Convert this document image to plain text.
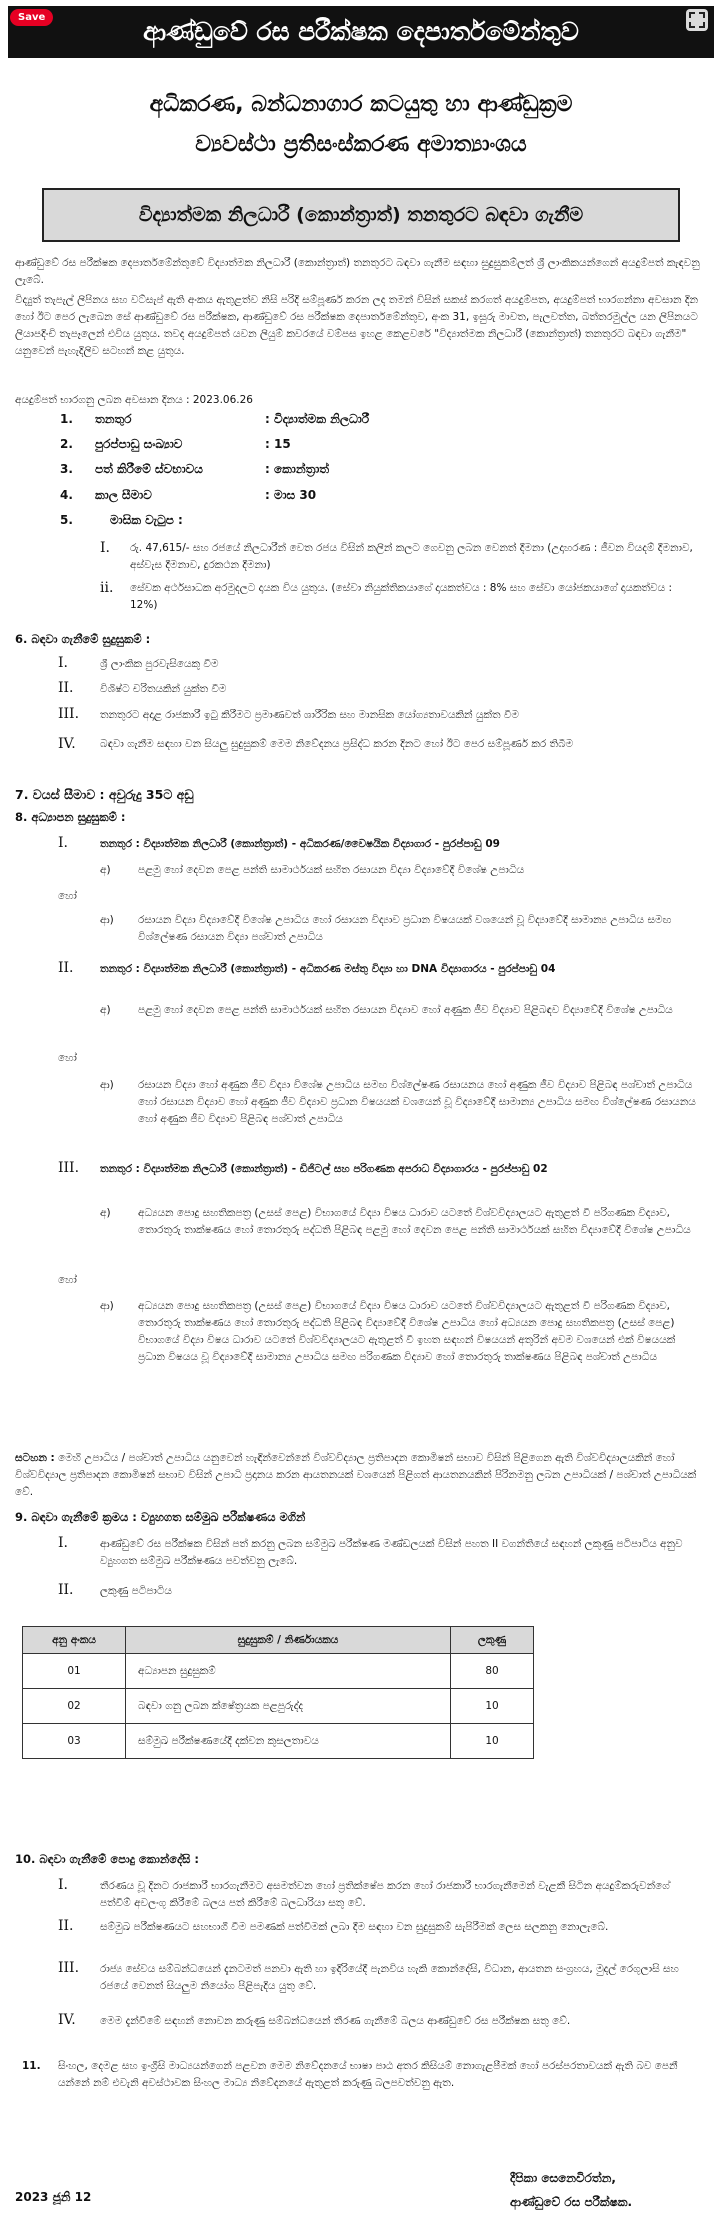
ආණ්ඩුවේ රස පරීක්ෂක දෙපාර්තමේන්තුව
Save
අධිකරණ, බන්ධනාගාර කටයුතු හා ආණ්ඩුක්‍රම
ව්‍යවස්ථා ප්‍රතිසංස්කරණ අමාත්‍යාංශය
විද්‍යාත්මක නිලධාරී (කොන්ත්‍රාත්) තනතුරට බඳවා ගැනීම
ආණ්ඩුවේ රස පරීක්ෂක දෙපාර්තමේන්තුවේ විද්‍යාත්මක නිලධාරී (කොන්ත්‍රාත්) තනතුරට බඳවා ගැනීම සඳහා සුදුසුකම්ලත් ශ්‍රී ලාංකිකයන්ගෙන් අයදුම්පත් කැඳවනු ලැබේ.
විද්‍යුත් තැපැල් ලිපිනය සහ වට්සැප් ඇති අංකය ඇතුළත්ව නිසි පරිදි සම්පූර්ණ කරන ලද තමන් විසින් සකස් කරගත් අයදුම්පත, අයදුම්පත් භාරගන්නා අවසාන දින හෝ ඊට පෙර ලැබෙන සේ ආණ්ඩුවේ රස පරීක්ෂක, ආණ්ඩුවේ රස පරීක්ෂක දෙපාර්තමේන්තුව, අංක 31, ඉසුරු මාවත, පැලවත්ත, බත්තරමුල්ල යන ලිපිනයට ලියාපදිංචි තැපෑලෙන් එවිය යුතුය. තවද අයදුම්පත් යවන ලියුම් කවරයේ වම්පස ඉහළ කෙළවරේ "විද්‍යාත්මක නිලධාරී (කොන්ත්‍රාත්) තනතුරට බඳවා ගැනීම" යනුවෙන් පැහැදිලිව සටහන් කළ යුතුය.
අයදුම්පත් භාරගනු ලබන අවසාන දිනය : 2023.06.26
1. තනතුර	: විද්‍යාත්මක නිලධාරී
2. පුරප්පාඩු සංඛ්‍යාව	: 15
3. පත් කිරීමේ ස්වභාවය	: කොන්ත්‍රාත්
4. කාල සීමාව	: මාස 30
5.	මාසික වැටුප :
I. රු. 47,615/- සහ රජයේ නිලධාරීන් වෙත රජය විසින් කලින් කලට ගෙවනු ලබන වෙනත් දීමනා (උදාහරණ : ජීවන වියදම් දීමනාව, අස්වැස දීමනාව, දුරකථන දීමනා)
ii. සේවක අර්ථසාධක අරමුදලට දායක විය යුතුය. (සේවා නියුක්තිකයාගේ දායකත්වය : 8% සහ සේවා යෝජකයාගේ දායකත්වය : 12%)
6. බඳවා ගැනීමේ සුදුසුකම් :
I.	ශ්‍රී ලාංකික පුරවැසියෙකු වීම
II.	විශිෂ්ට චරිතයකින් යුක්ත වීම
III. තනතුරට අදාළ රාජකාරී ඉටු කිරීමට ප්‍රමාණවත් ශාරීරික සහ මානසික යෝග්‍යතාවයකින් යුක්ත වීම
IV. බඳවා ගැනීම සඳහා වන සියලු සුදුසුකම් මෙම නිවේදනය ප්‍රසිද්ධ කරන දිනට හෝ ඊට පෙර සම්පූර්ණ කර තිබීම
7. වයස් සීමාව : අවුරුදු 35ට අඩු
8. අධ්‍යාපන සුදුසුකම් :
I.	තනතුර : විද්‍යාත්මක නිලධාරී (කොන්ත්‍රාත්) - අධිකරණ/වෛෂයික විද්‍යාගාර - පුරප්පාඩු 09
අ)	පළමු හෝ දෙවන පෙළ පන්ති සාමාර්ථයක් සහිත රසායන විද්‍යා විද්‍යාවේදී විශේෂ උපාධිය
හෝ
ආ) රසායන විද්‍යා විද්‍යාවේදී විශේෂ උපාධිය හෝ රසායන විද්‍යාව ප්‍රධාන විෂයයක් වශයෙන් වූ විද්‍යාවේදී සාමාන්‍ය උපාධිය සමඟ විශ්ලේෂණ රසායන විද්‍යා පශ්චාත් උපාධිය
II.	තනතුර : විද්‍යාත්මක නිලධාරී (කොන්ත්‍රාත්) - අධිකරණ මස්තු විද්‍යා හා DNA විද්‍යාගාරය - පුරප්පාඩු 04
අ)	පළමු හෝ දෙවන පෙළ පන්ති සාමාර්ථයක් සහිත රසායන විද්‍යාව හෝ අණුක ජීව විද්‍යාව පිළිබඳව විද්‍යාවේදී විශේෂ උපාධිය
හෝ
ආ) රසායන විද්‍යා හෝ අණුක ජීව විද්‍යා විශේෂ උපාධිය සමඟ විශ්ලේෂණ රසායනය හෝ අණුක ජීව විද්‍යාව පිළිබඳ පශ්චාත් උපාධිය හෝ රසායන විද්‍යාව හෝ අණුක ජීව විද්‍යාව ප්‍රධාන විෂයයක් වශයෙන් වූ විද්‍යාවේදී සාමාන්‍ය උපාධිය සමඟ විශ්ලේෂණ රසායනය හෝ අණුක ජීව විද්‍යාව පිළිබඳ පශ්චාත් උපාධිය
III. තනතුර : විද්‍යාත්මක නිලධාරී (කොන්ත්‍රාත්) - ඩිජිටල් සහ පරිගණක අපරාධ විද්‍යාගාරය - පුරප්පාඩු 02
අ)	අධ්‍යයන පොදු සහතිකපත්‍ර (උසස් පෙළ) විභාගයේ විද්‍යා විෂය ධාරාව යටතේ විශ්වවිද්‍යාලයට ඇතුළත් වී පරිගණක විද්‍යාව, තොරතුරු තාක්ෂණය හෝ තොරතුරු පද්ධති පිළිබඳ පළමු හෝ දෙවන පෙළ පන්ති සාමාර්ථයක් සහිත විද්‍යාවේදී විශේෂ උපාධිය
හෝ
ආ) අධ්‍යයන පොදු සහතිකපත්‍ර (උසස් පෙළ) විභාගයේ විද්‍යා විෂය ධාරාව යටතේ විශ්වවිද්‍යාලයට ඇතුළත් වී පරිගණක විද්‍යාව, තොරතුරු තාක්ෂණය හෝ තොරතුරු පද්ධති පිළිබඳ විද්‍යාවේදී විශේෂ උපාධිය හෝ අධ්‍යයන පොදු සහතිකපත්‍ර (උසස් පෙළ) විභාගයේ විද්‍යා විෂය ධාරාව යටතේ විශ්වවිද්‍යාලයට ඇතුළත් වී ඉහත සඳහන් විෂයයන් අතුරින් අවම වශයෙන් එක් විෂයයක් ප්‍රධාන විෂයය වූ විද්‍යාවේදී සාමාන්‍ය උපාධිය සමඟ පරිගණක විද්‍යාව හෝ තොරතුරු තාක්ෂණය පිළිබඳ පශ්චාත් උපාධිය
සටහන : මෙහි උපාධිය / පශ්චාත් උපාධිය යනුවෙන් හැඳින්වෙන්නේ විශ්වවිද්‍යාල ප්‍රතිපාදන කොමිෂන් සභාව විසින් පිළිගෙන ඇති විශ්වවිද්‍යාලයකින් හෝ විශ්වවිද්‍යාල ප්‍රතිපාදන කොමිෂන් සභාව විසින් උපාධි ප්‍රදානය කරන ආයතනයක් වශයෙන් පිළිගත් ආයතනයකින් පිරිනමනු ලබන උපාධියක් / පශ්චාත් උපාධියක් වේ.
9. බඳවා ගැනීමේ ක්‍රමය : ව්‍යුහගත සම්මුඛ පරීක්ෂණය මගින්
I.	ආණ්ඩුවේ රස පරීක්ෂක විසින් පත් කරනු ලබන සම්මුඛ පරීක්ෂණ මණ්ඩලයක් විසින් පහත II වගන්තියේ සඳහන් ලකුණු පටිපාටිය අනුව ව්‍යුහගත සම්මුඛ පරීක්ෂණය පවත්වනු ලැබේ.
II.	ලකුණු පටිපාටිය
අනු අංකය	සුදුසුකම් / නිර්ණායකය	ලකුණු
01	අධ්‍යාපන සුදුසුකම්	80
02	බඳවා ගනු ලබන ක්ෂේත්‍රයක පළපුරුද්ද	10
03	සම්මුඛ පරීක්ෂණයේදී දක්වන කුසලතාවය	10
10. බඳවා ගැනීමේ පොදු කොන්දේසි :
I.	තීරණය වූ දිනට රාජකාරී භාරගැනීමට අසමත්වන හෝ ප්‍රතික්ෂේප කරන හෝ රාජකාරී භාරගැනීමෙන් වැළකී සිටින අයදුම්කරුවන්ගේ පත්වීම් අවලංගු කිරීමේ බලය පත් කිරීමේ බලධාරියා සතු වේ.
II.	සම්මුඛ පරීක්ෂණයට සහභාගී වීම පමණක් පත්වීමක් ලබා දීම සඳහා වන සුදුසුකම් සැපිරීමක් ලෙස සලකනු නොලැබේ.
III. රාජ්‍ය සේවය සම්බන්ධයෙන් දැනටමත් පනවා ඇති හා ඉදිරියේදී පැනවිය හැකි කොන්දේසි, විධාන, ආයතන සංග්‍රහය, මුදල් රෙගුලාසි සහ රජයේ වෙනත් සියලුම නියෝග පිළිපැදිය යුතු වේ.
IV. මෙම දැන්වීමේ සඳහන් නොවන කරුණු සම්බන්ධයෙන් තීරණ ගැනීමේ බලය ආණ්ඩුවේ රස පරීක්ෂක සතු වේ.
11. සිංහල, දෙමළ සහ ඉංග්‍රීසි මාධ්‍යයන්ගෙන් පළවන මෙම නිවේදනයේ භාෂා පාඨ අතර කිසියම් නොගැළපීමක් හෝ පරස්පරතාවයක් ඇති බව පෙනී යන්නේ නම් එවැනි අවස්ථාවක සිංහල මාධ්‍ය නිවේදනයේ ඇතුළත් කරුණු බලපවත්වනු ඇත.
2023 ජූනි 12
දීපිකා සෙනෙවිරත්න,
ආණ්ඩුවේ රස පරීක්ෂක.
